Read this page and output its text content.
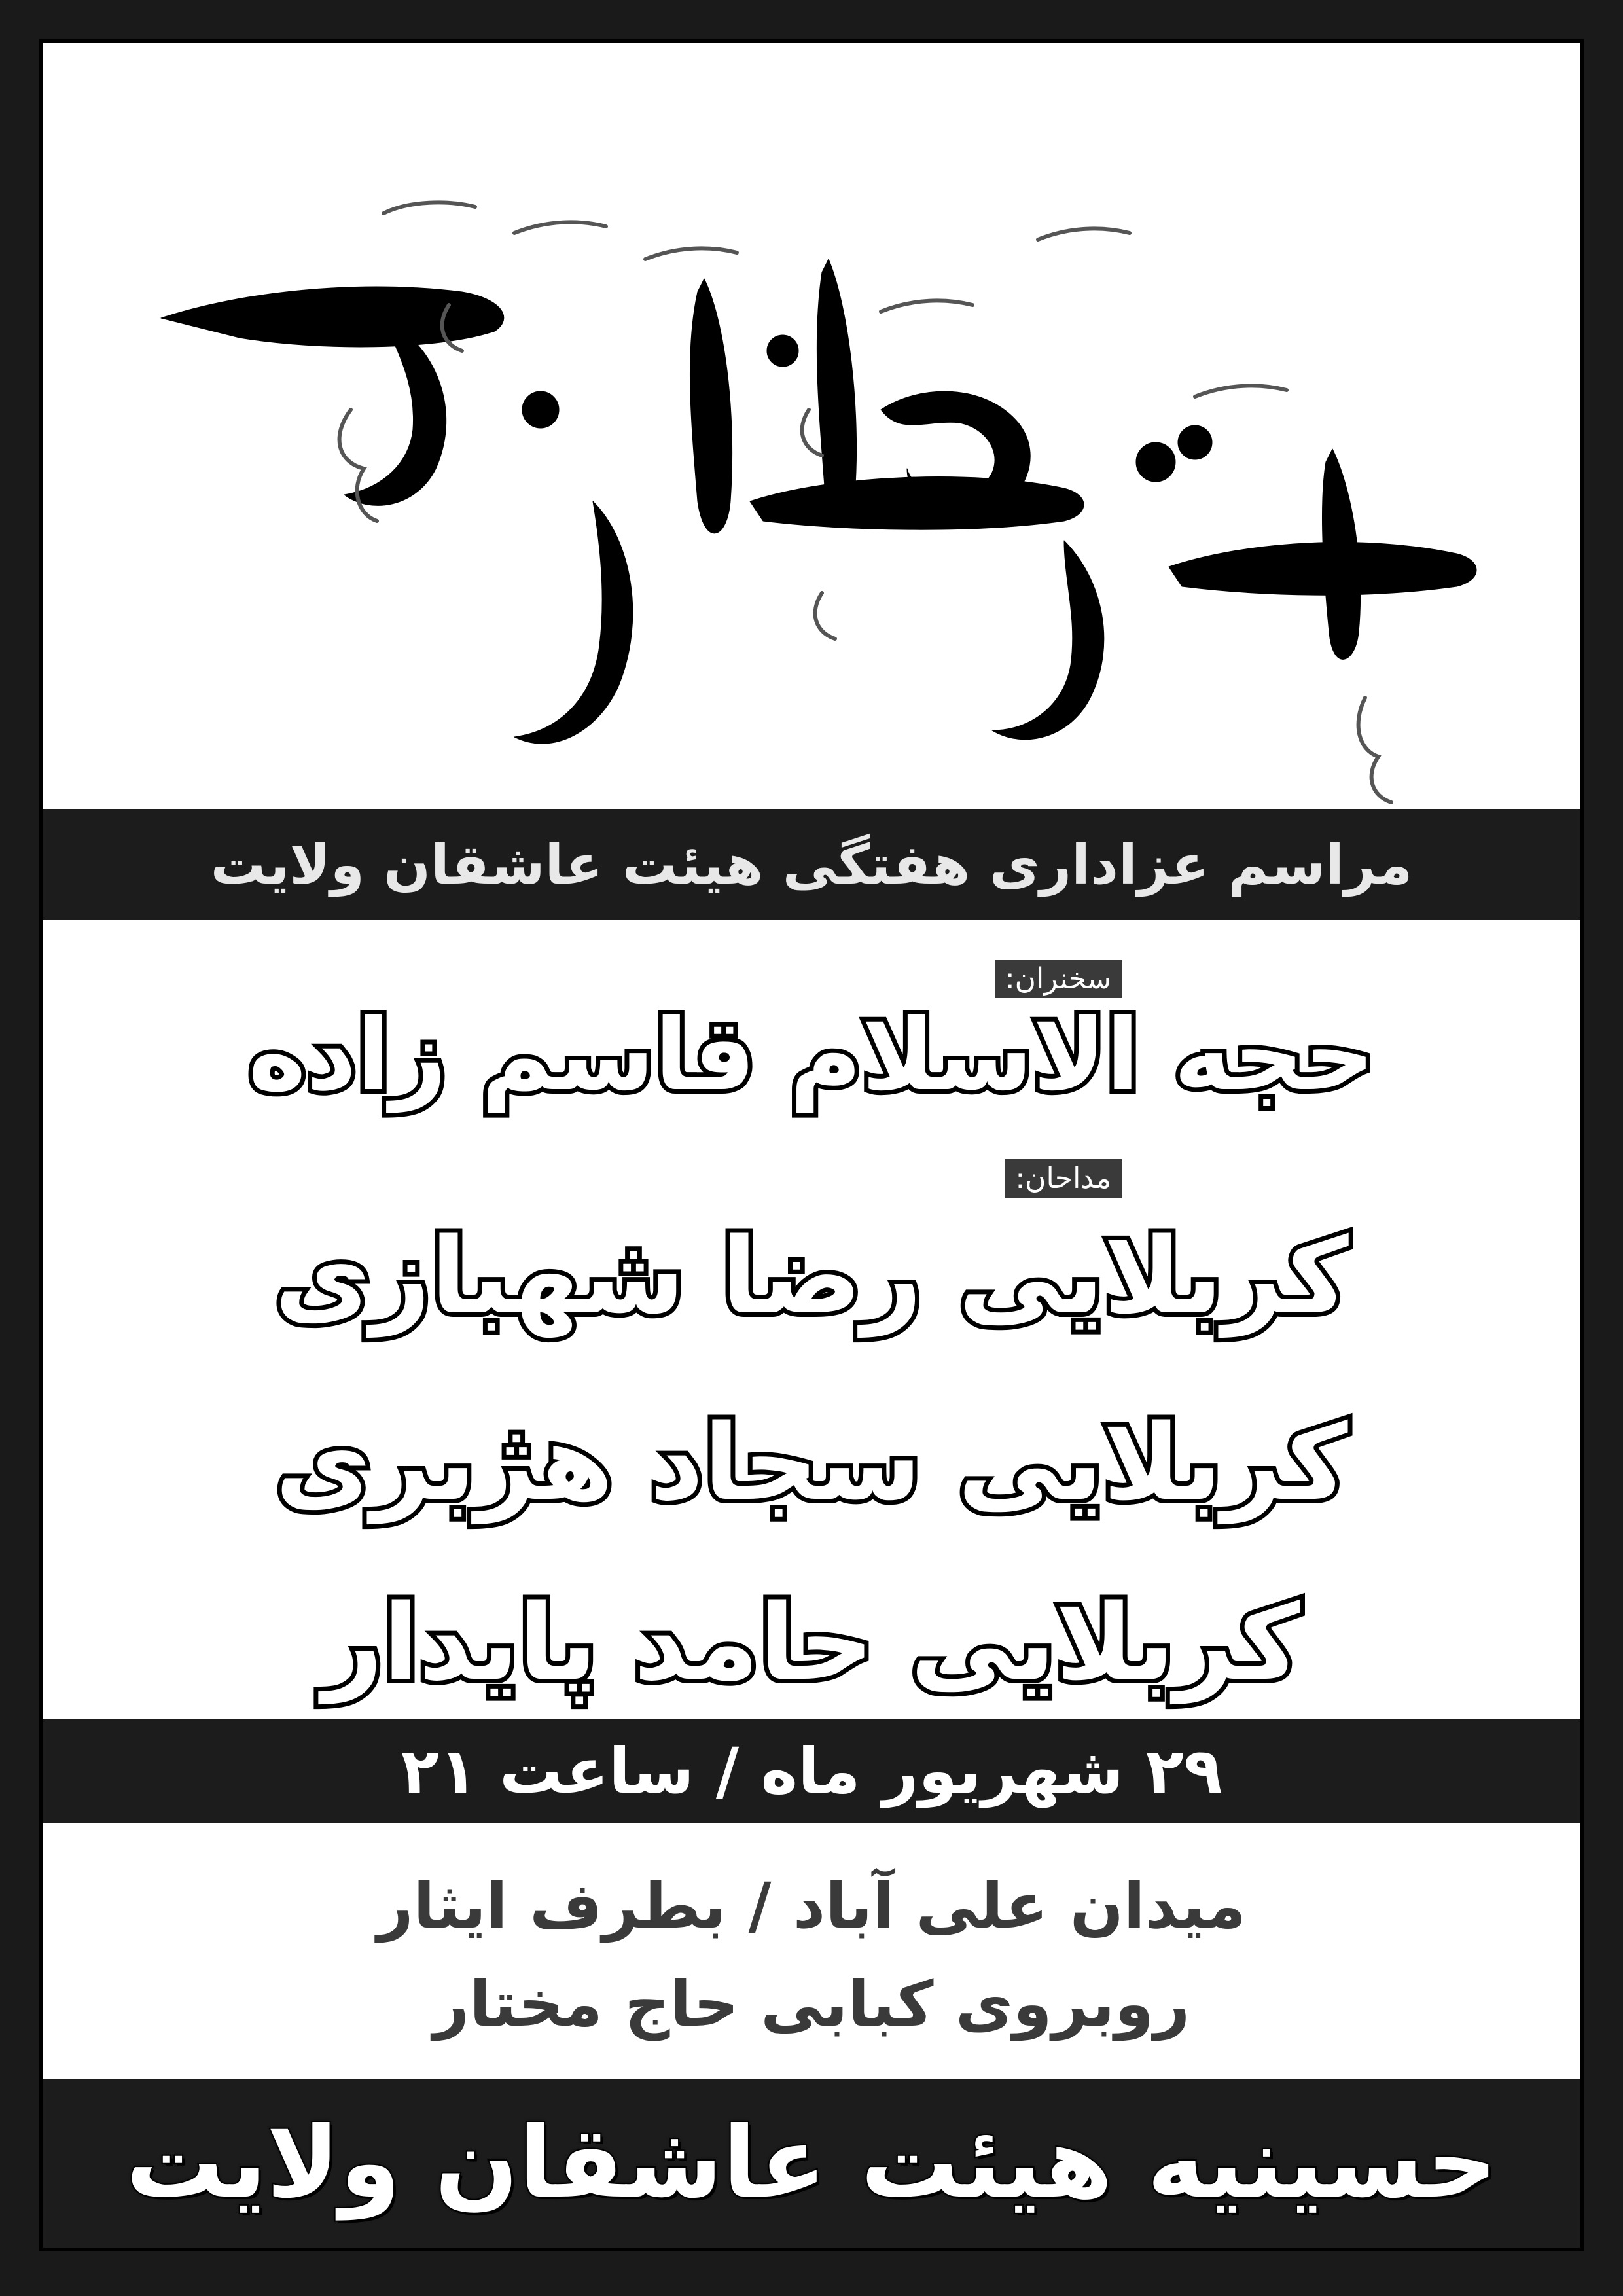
امیری حسین و نعم الامیر
مراسم عزاداری هفتگی هیئت عاشقان ولایت
سخنران:
حجه الاسلام قاسم زاده
مداحان:
کربلایی رضا شهبازی
کربلایی سجاد هژبری
کربلایی حامد پایدار
۲۹ شهریور ماه / ساعت ۲۱
میدان علی آباد / بطرف ایثار
روبروی کبابی حاج مختار
حسینیه هیئت عاشقان ولایت
